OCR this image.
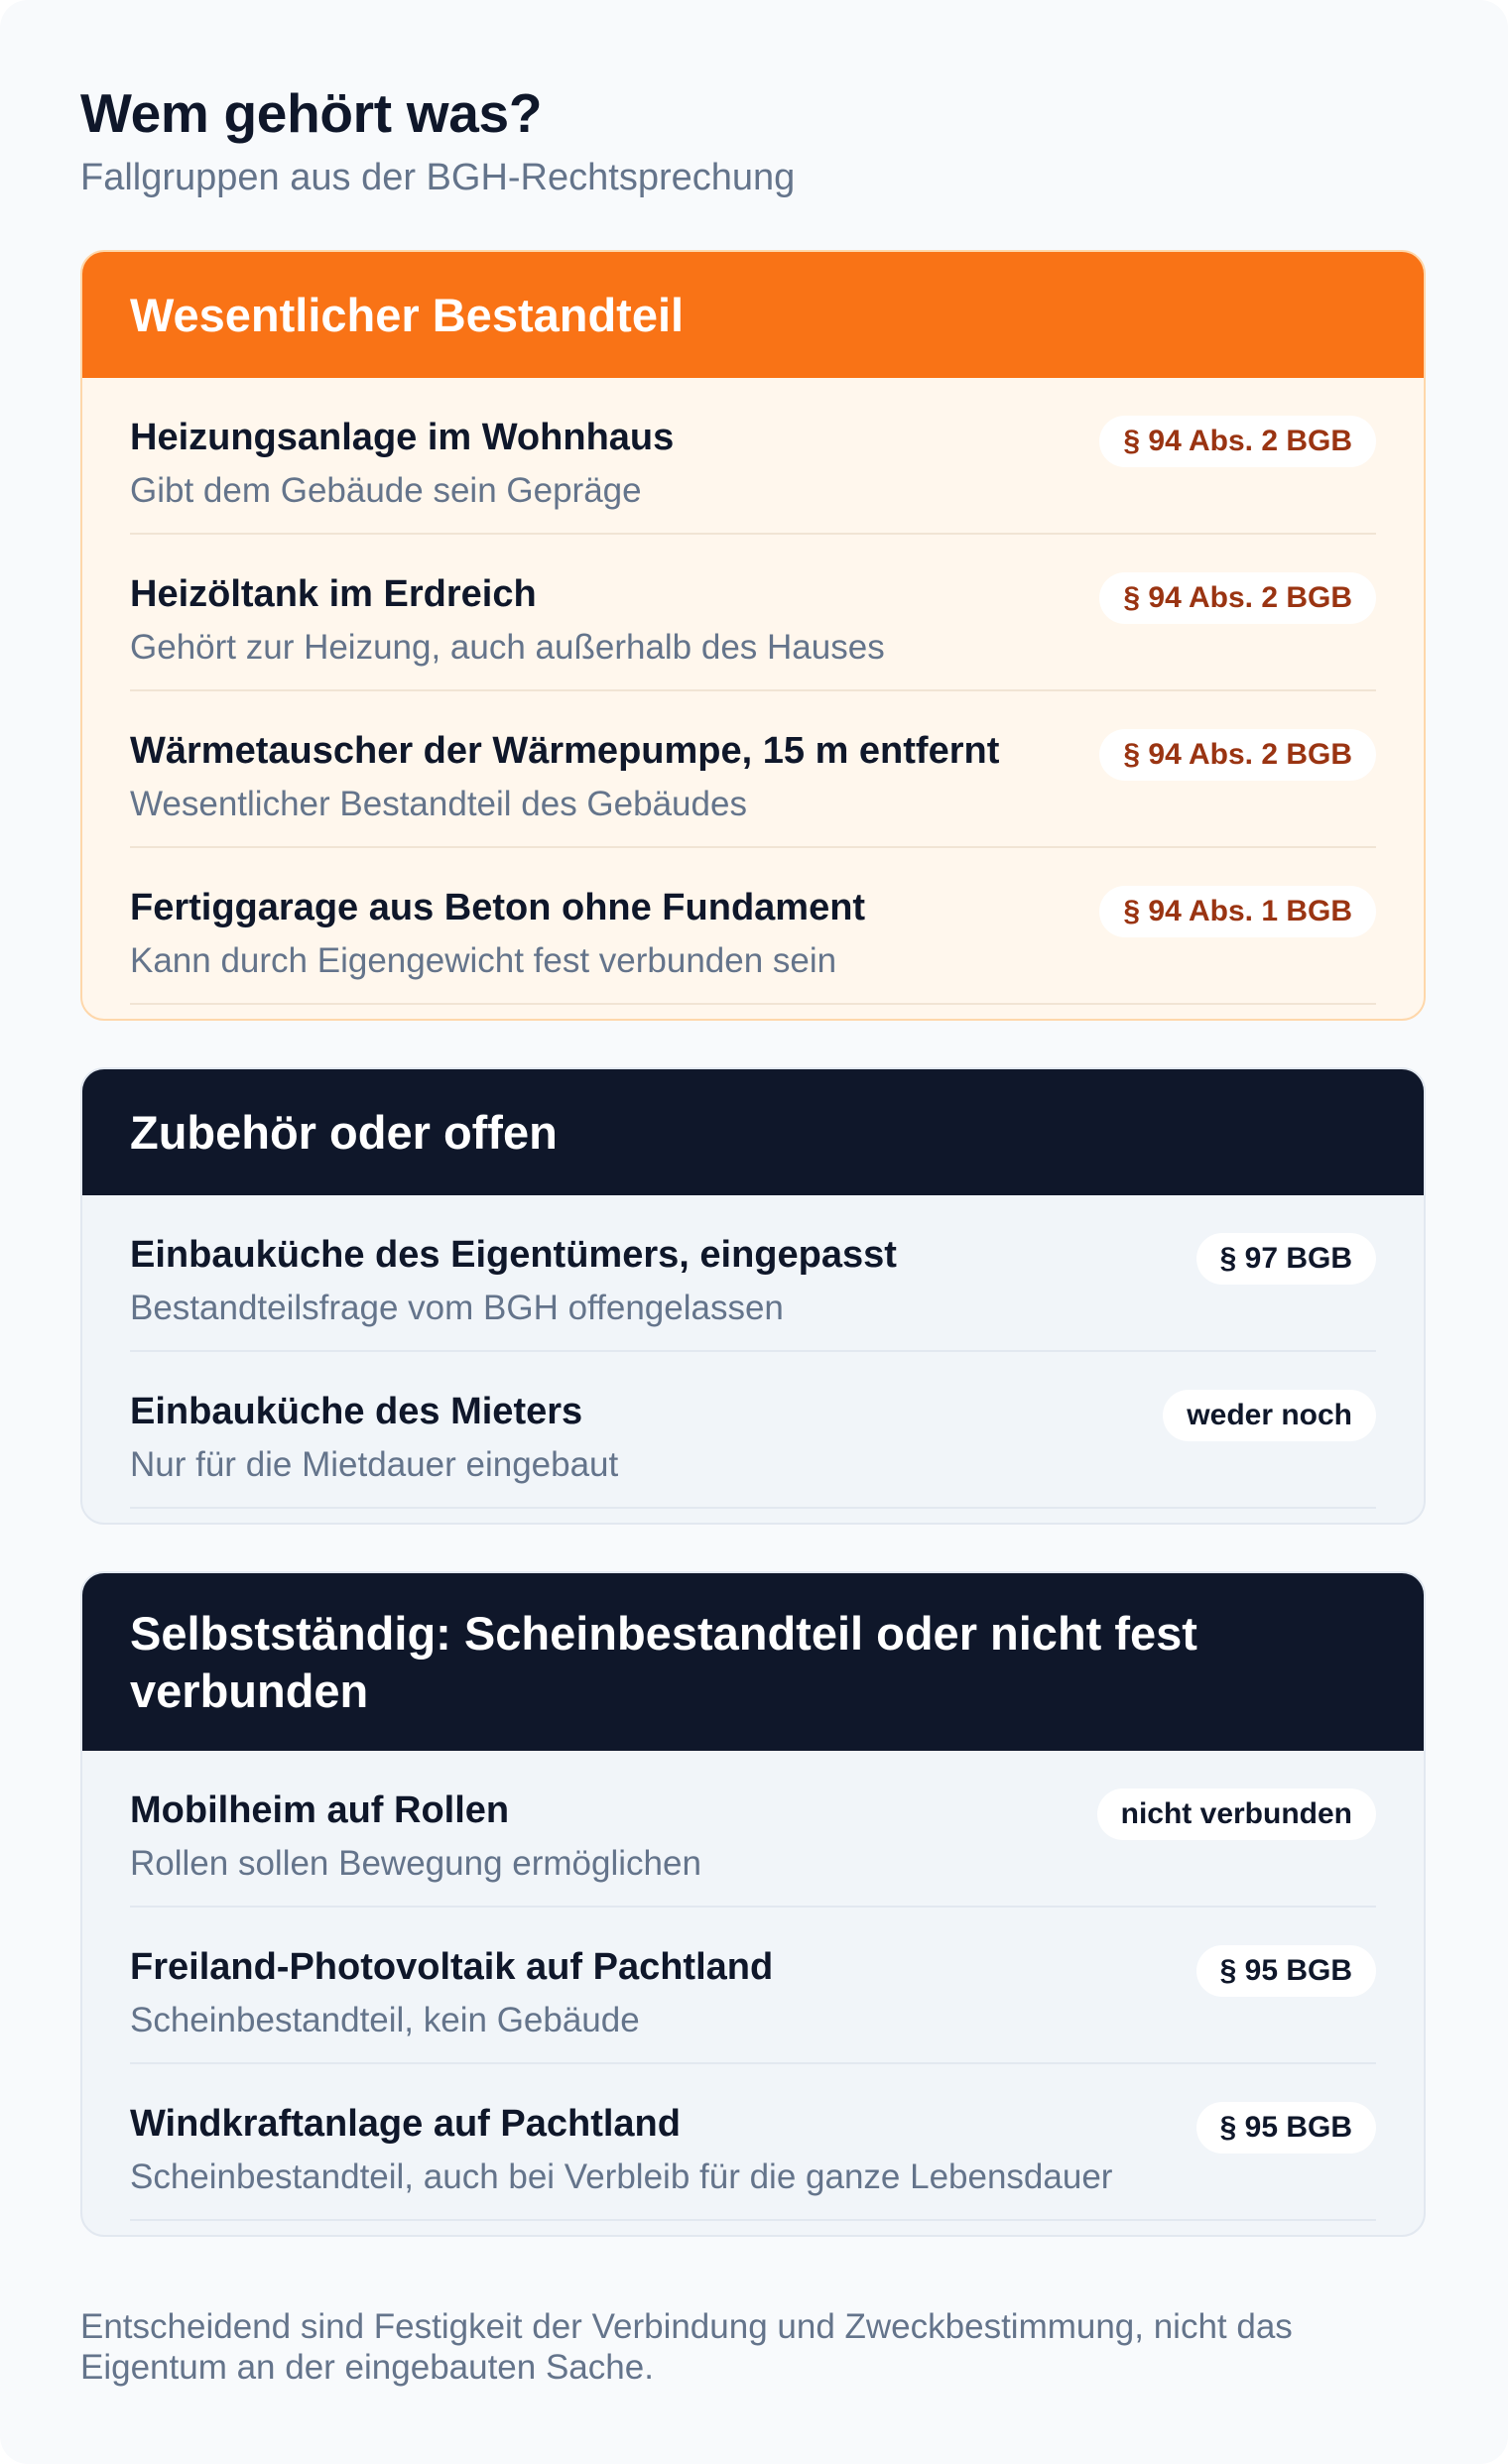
Wem gehört was?

Fallgruppen aus der BGH-Rechtsprechung

Wesentlicher Bestandteil
Heizungsanlage im Wohnhaus
Gibt dem Gebäude sein Gepräge
§ 94 Abs. 2 BGB
Heizöltank im Erdreich
Gehört zur Heizung, auch außerhalb des Hauses
§ 94 Abs. 2 BGB
Wärmetauscher der Wärmepumpe, 15 m entfernt
Wesentlicher Bestandteil des Gebäudes
§ 94 Abs. 2 BGB
Fertiggarage aus Beton ohne Fundament
Kann durch Eigengewicht fest verbunden sein
§ 94 Abs. 1 BGB
Zubehör oder offen
Einbauküche des Eigentümers, eingepasst
Bestandteilsfrage vom BGH offengelassen
§ 97 BGB
Einbauküche des Mieters
Nur für die Mietdauer eingebaut
weder noch
Selbstständig: Scheinbestandteil oder nicht fest verbunden
Mobilheim auf Rollen
Rollen sollen Bewegung ermöglichen
nicht verbunden
Freiland-Photovoltaik auf Pachtland
Scheinbestandteil, kein Gebäude
§ 95 BGB
Windkraftanlage auf Pachtland
Scheinbestandteil, auch bei Verbleib für die ganze Lebensdauer
§ 95 BGB

Entscheidend sind Festigkeit der Verbindung und Zweckbestimmung, nicht das Eigentum an der eingebauten Sache.
